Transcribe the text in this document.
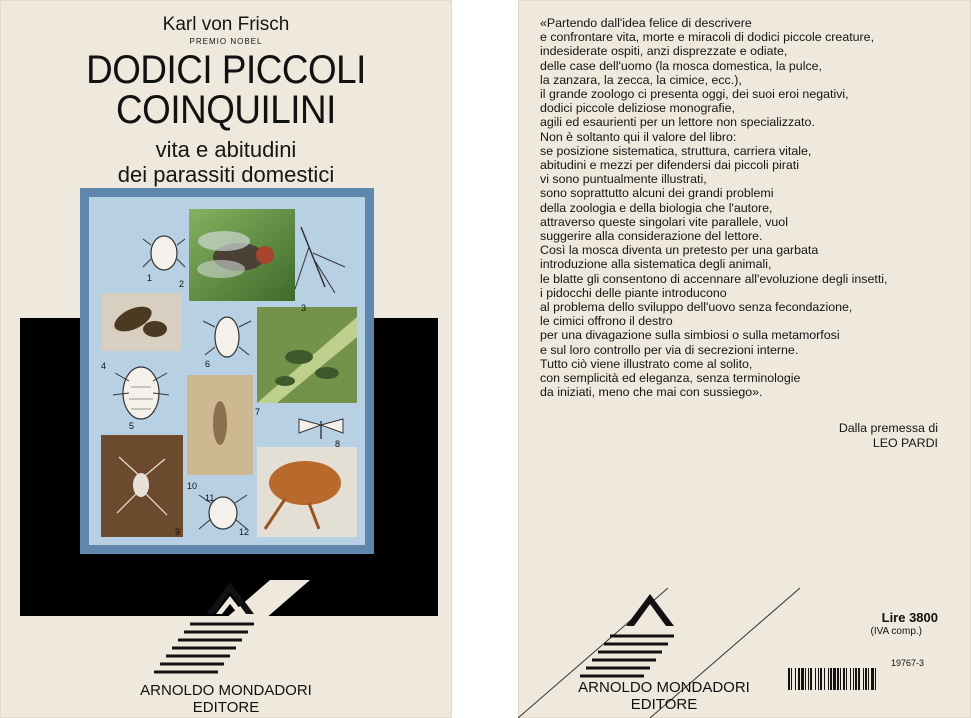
Karl von Frisch
PREMIO NOBEL
DODICI PICCOLI
COINQUILINI
vita e abitudini
dei parassiti domestici
1
2
3
4
5
6
7
8
9
10
11
12
ARNOLDO MONDADORI
EDITORE
«Partendo dall'idea felice di descrivere
e confrontare vita, morte e miracoli di dodici piccole creature,
indesiderate ospiti, anzi disprezzate e odiate,
delle case dell'uomo (la mosca domestica, la pulce,
la zanzara, la zecca, la cimice, ecc.),
il grande zoologo ci presenta oggi, dei suoi eroi negativi,
dodici piccole deliziose monografie,
agili ed esaurienti per un lettore non specializzato.
Non è soltanto qui il valore del libro:
se posizione sistematica, struttura, carriera vitale,
abitudini e mezzi per difendersi dai piccoli pirati
vi sono puntualmente illustrati,
sono soprattutto alcuni dei grandi problemi
della zoologia e della biologia che l'autore,
attraverso queste singolari vite parallele, vuol
suggerire alla considerazione del lettore.
Così la mosca diventa un pretesto per una garbata
introduzione alla sistematica degli animali,
le blatte gli consentono di accennare all'evoluzione degli insetti,
i pidocchi delle piante introducono
al problema dello sviluppo dell'uovo senza fecondazione,
le cimici offrono il destro
per una divagazione sulla simbiosi o sulla metamorfosi
e sul loro controllo per via di secrezioni interne.
Tutto ciò viene illustrato come al solito,
con semplicità ed eleganza, senza terminologie
da iniziati, meno che mai con sussiego».
Dalla premessa di
LEO PARDI
ARNOLDO MONDADORI
EDITORE
Lire 3800
(IVA comp.)
19767-3
